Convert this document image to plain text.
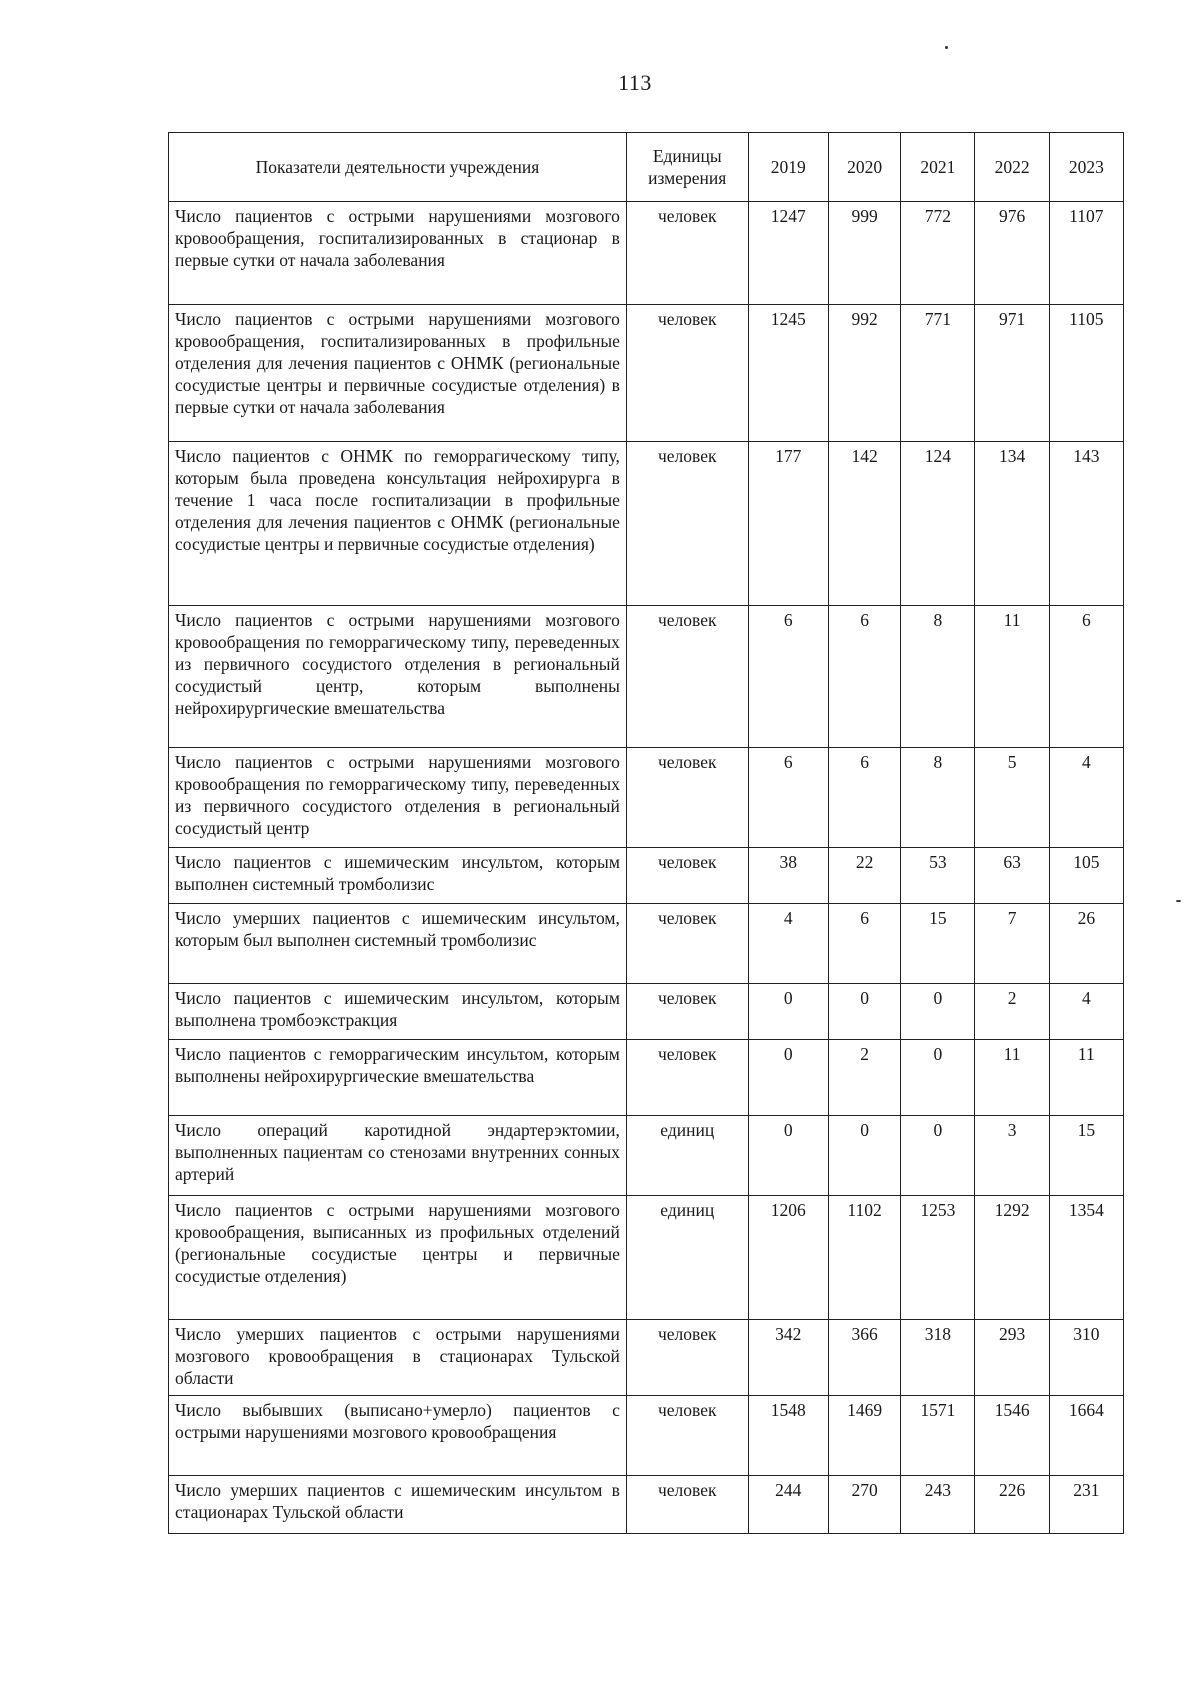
113
Показатели деятельности учреждения	Единицы измерения	2019	2020	2021	2022	2023
Число пациентов с острыми нарушениями мозгового кровообращения, госпитализированных в стационар в первые сутки от начала заболевания	человек	1247	999	772	976	1107
Число пациентов с острыми нарушениями мозгового кровообращения, госпитализированных в профильные отделения для лечения пациентов с ОНМК (региональные сосудистые центры и первичные сосудистые отделения) в первые сутки от начала заболевания	человек	1245	992	771	971	1105
Число пациентов с ОНМК по геморрагическому типу, которым была проведена консультация нейрохирурга в течение 1 часа после госпитализации в профильные отделения для лечения пациентов с ОНМК (региональные сосудистые центры и первичные сосудистые отделения)	человек	177	142	124	134	143
Число пациентов с острыми нарушениями мозгового кровообращения по геморрагическому типу, переведенных из первичного сосудистого отделения в региональный сосудистый центр, которым выполнены нейрохирургические вмешательства	человек	6	6	8	11	6
Число пациентов с острыми нарушениями мозгового кровообращения по геморрагическому типу, переведенных из первичного сосудистого отделения в региональный сосудистый центр	человек	6	6	8	5	4
Число пациентов с ишемическим инсультом, которым выполнен системный тромболизис	человек	38	22	53	63	105
Число умерших пациентов с ишемическим инсультом, которым был выполнен системный тромболизис	человек	4	6	15	7	26
Число пациентов с ишемическим инсультом, которым выполнена тромбоэкстракция	человек	0	0	0	2	4
Число пациентов с геморрагическим инсультом, которым выполнены нейрохирургические вмешательства	человек	0	2	0	11	11
Число операций каротидной эндартерэктомии, выполненных пациентам со стенозами внутренних сонных артерий	единиц	0	0	0	3	15
Число пациентов с острыми нарушениями мозгового кровообращения, выписанных из профильных отделений (региональные сосудистые центры и первичные сосудистые отделения)	единиц	1206	1102	1253	1292	1354
Число умерших пациентов с острыми нарушениями мозгового кровообращения в стационарах Тульской области	человек	342	366	318	293	310
Число выбывших (выписано+умерло) пациентов с острыми нарушениями мозгового кровообращения	человек	1548	1469	1571	1546	1664
Число умерших пациентов с ишемическим инсультом в стационарах Тульской области	человек	244	270	243	226	231
